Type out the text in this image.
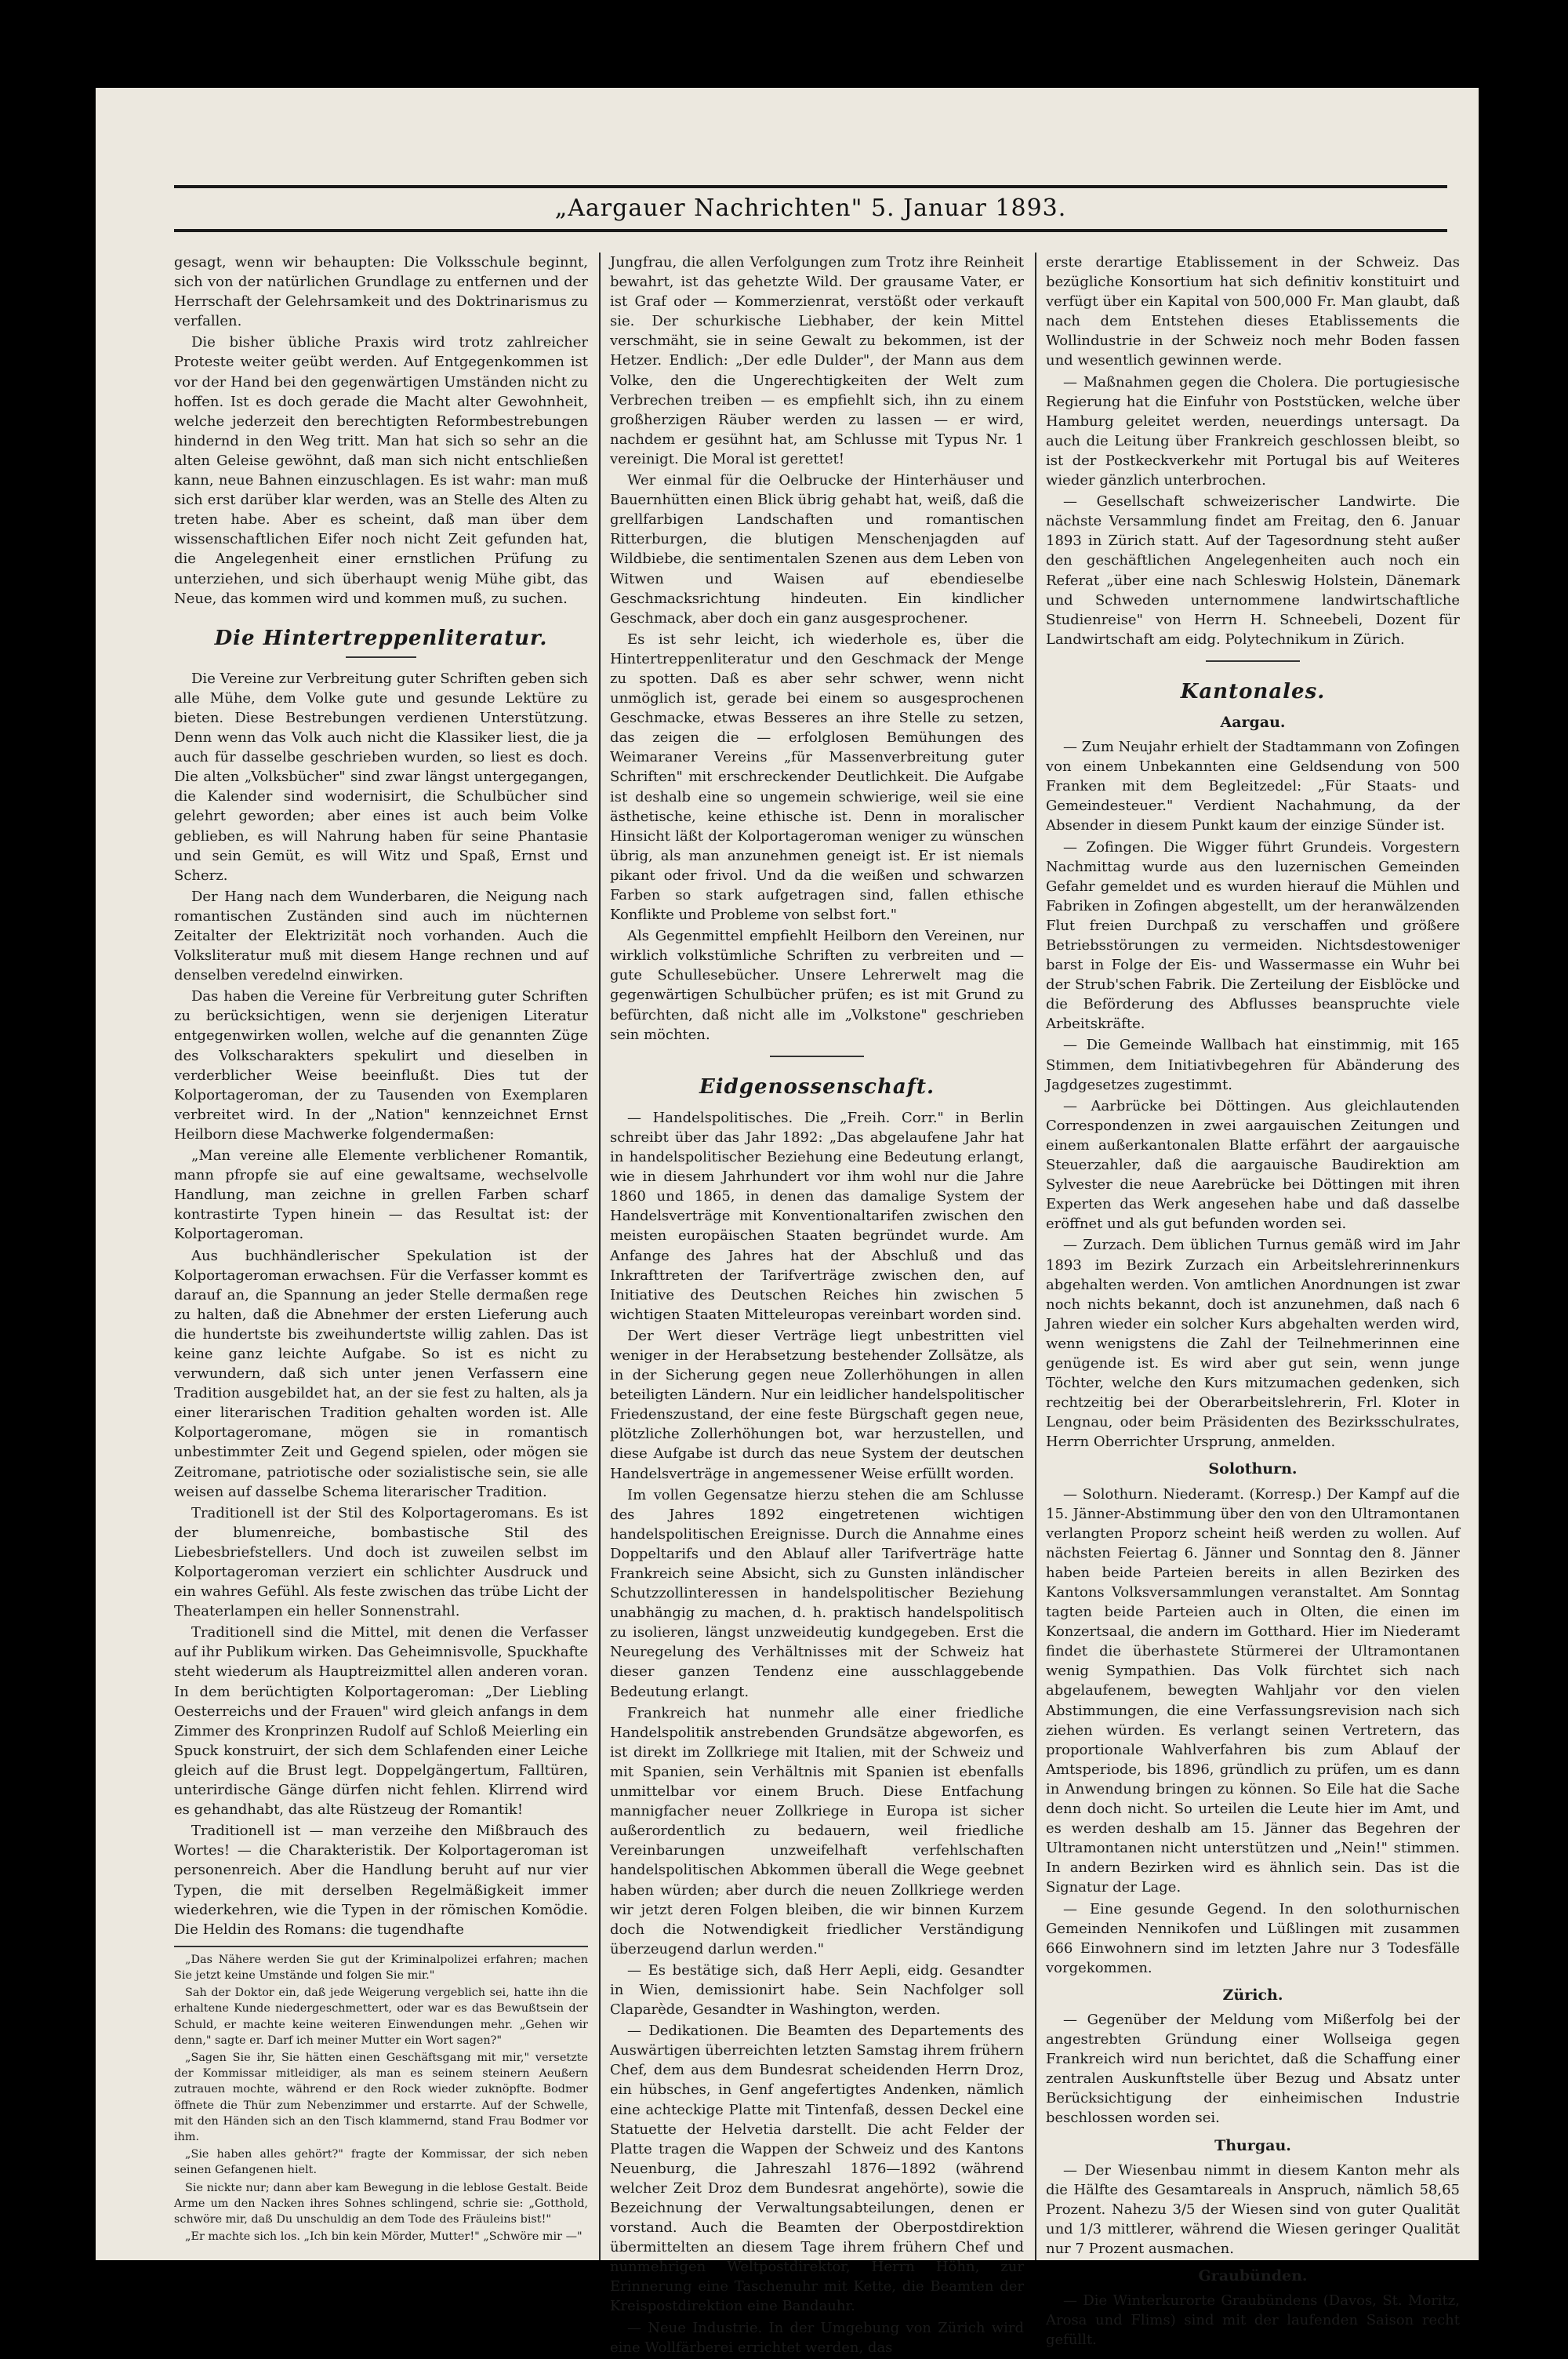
„Aargauer Nachrichten" 5. Januar 1893.

gesagt, wenn wir behaupten: Die Volksschule beginnt, sich von der natürlichen Grundlage zu entfernen und der Herrschaft der Gelehrsamkeit und des Doktrinarismus zu verfallen.

Die bisher übliche Praxis wird trotz zahlreicher Proteste weiter geübt werden. Auf Entgegenkommen ist vor der Hand bei den gegenwärtigen Umständen nicht zu hoffen. Ist es doch gerade die Macht alter Gewohnheit, welche jederzeit den berechtigten Reformbestrebungen hindernd in den Weg tritt. Man hat sich so sehr an die alten Geleise gewöhnt, daß man sich nicht entschließen kann, neue Bahnen einzuschlagen. Es ist wahr: man muß sich erst darüber klar werden, was an Stelle des Alten zu treten habe. Aber es scheint, daß man über dem wissenschaftlichen Eifer noch nicht Zeit gefunden hat, die Angelegenheit einer ernstlichen Prüfung zu unterziehen, und sich überhaupt wenig Mühe gibt, das Neue, das kommen wird und kommen muß, zu suchen.

Die Hintertreppenliteratur.

Die Vereine zur Verbreitung guter Schriften geben sich alle Mühe, dem Volke gute und gesunde Lektüre zu bieten. Diese Bestrebungen verdienen Unterstützung. Denn wenn das Volk auch nicht die Klassiker liest, die ja auch für dasselbe geschrieben wurden, so liest es doch. Die alten „Volksbücher" sind zwar längst untergegangen, die Kalender sind wodernisirt, die Schulbücher sind gelehrt geworden; aber eines ist auch beim Volke geblieben, es will Nahrung haben für seine Phantasie und sein Gemüt, es will Witz und Spaß, Ernst und Scherz.

Der Hang nach dem Wunderbaren, die Neigung nach romantischen Zuständen sind auch im nüchternen Zeitalter der Elektrizität noch vorhanden. Auch die Volksliteratur muß mit diesem Hange rechnen und auf denselben veredelnd einwirken.

Das haben die Vereine für Verbreitung guter Schriften zu berücksichtigen, wenn sie derjenigen Literatur entgegenwirken wollen, welche auf die genannten Züge des Volkscharakters spekulirt und dieselben in verderblicher Weise beeinflußt. Dies tut der Kolportageroman, der zu Tausenden von Exemplaren verbreitet wird. In der „Nation" kennzeichnet Ernst Heilborn diese Machwerke folgendermaßen:

„Man vereine alle Elemente verblichener Romantik, mann pfropfe sie auf eine gewaltsame, wechselvolle Handlung, man zeichne in grellen Farben scharf kontrastirte Typen hinein — das Resultat ist: der Kolportageroman.

Aus buchhändlerischer Spekulation ist der Kolportageroman erwachsen. Für die Verfasser kommt es darauf an, die Spannung an jeder Stelle dermaßen rege zu halten, daß die Abnehmer der ersten Lieferung auch die hundertste bis zweihundertste willig zahlen. Das ist keine ganz leichte Aufgabe. So ist es nicht zu verwundern, daß sich unter jenen Verfassern eine Tradition ausgebildet hat, an der sie fest zu halten, als ja einer literarischen Tradition gehalten worden ist. Alle Kolportageromane, mögen sie in romantisch unbestimmter Zeit und Gegend spielen, oder mögen sie Zeitromane, patriotische oder sozialistische sein, sie alle weisen auf dasselbe Schema literarischer Tradition.

Traditionell ist der Stil des Kolportageromans. Es ist der blumenreiche, bombastische Stil des Liebesbriefstellers. Und doch ist zuweilen selbst im Kolportageroman verziert ein schlichter Ausdruck und ein wahres Gefühl. Als feste zwischen das trübe Licht der Theaterlampen ein heller Sonnenstrahl.

Traditionell sind die Mittel, mit denen die Verfasser auf ihr Publikum wirken. Das Geheimnisvolle, Spuckhafte steht wiederum als Hauptreizmittel allen anderen voran. In dem berüchtigten Kolportageroman: „Der Liebling Oesterreichs und der Frauen" wird gleich anfangs in dem Zimmer des Kronprinzen Rudolf auf Schloß Meierling ein Spuck konstruirt, der sich dem Schlafenden einer Leiche gleich auf die Brust legt. Doppelgängertum, Falltüren, unterirdische Gänge dürfen nicht fehlen. Klirrend wird es gehandhabt, das alte Rüstzeug der Romantik!

Traditionell ist — man verzeihe den Mißbrauch des Wortes! — die Charakteristik. Der Kolportageroman ist personenreich. Aber die Handlung beruht auf nur vier Typen, die mit derselben Regelmäßigkeit immer wiederkehren, wie die Typen in der römischen Komödie. Die Heldin des Romans: die tugendhafte

„Das Nähere werden Sie gut der Kriminalpolizei erfahren; machen Sie jetzt keine Umstände und folgen Sie mir."

Sah der Doktor ein, daß jede Weigerung vergeblich sei, hatte ihn die erhaltene Kunde niedergeschmettert, oder war es das Bewußtsein der Schuld, er machte keine weiteren Einwendungen mehr. „Gehen wir denn," sagte er. Darf ich meiner Mutter ein Wort sagen?"

„Sagen Sie ihr, Sie hätten einen Geschäftsgang mit mir," versetzte der Kommissar mitleidiger, als man es seinem steinern Aeußern zutrauen mochte, während er den Rock wieder zuknöpfte. Bodmer öffnete die Thür zum Nebenzimmer und erstarrte. Auf der Schwelle, mit den Händen sich an den Tisch klammernd, stand Frau Bodmer vor ihm.

„Sie haben alles gehört?" fragte der Kommissar, der sich neben seinen Gefangenen hielt.

Sie nickte nur; dann aber kam Bewegung in die leblose Gestalt. Beide Arme um den Nacken ihres Sohnes schlingend, schrie sie: „Gotthold, schwöre mir, daß Du unschuldig an dem Tode des Fräuleins bist!"

„Er machte sich los. „Ich bin kein Mörder, Mutter!" „Schwöre mir —"

Jungfrau, die allen Verfolgungen zum Trotz ihre Reinheit bewahrt, ist das gehetzte Wild. Der grausame Vater, er ist Graf oder — Kommerzienrat, verstößt oder verkauft sie. Der schurkische Liebhaber, der kein Mittel verschmäht, sie in seine Gewalt zu bekommen, ist der Hetzer. Endlich: „Der edle Dulder", der Mann aus dem Volke, den die Ungerechtigkeiten der Welt zum Verbrechen treiben — es empfiehlt sich, ihn zu einem großherzigen Räuber werden zu lassen — er wird, nachdem er gesühnt hat, am Schlusse mit Typus Nr. 1 vereinigt. Die Moral ist gerettet!

Wer einmal für die Oelbrucke der Hinterhäuser und Bauernhütten einen Blick übrig gehabt hat, weiß, daß die grellfarbigen Landschaften und romantischen Ritterburgen, die blutigen Menschenjagden auf Wildbiebe, die sentimentalen Szenen aus dem Leben von Witwen und Waisen auf ebendieselbe Geschmacksrichtung hindeuten. Ein kindlicher Geschmack, aber doch ein ganz ausgesprochener.

Es ist sehr leicht, ich wiederhole es, über die Hintertreppenliteratur und den Geschmack der Menge zu spotten. Daß es aber sehr schwer, wenn nicht unmöglich ist, gerade bei einem so ausgesprochenen Geschmacke, etwas Besseres an ihre Stelle zu setzen, das zeigen die — erfolglosen Bemühungen des Weimaraner Vereins „für Massenverbreitung guter Schriften" mit erschreckender Deutlichkeit. Die Aufgabe ist deshalb eine so ungemein schwierige, weil sie eine ästhetische, keine ethische ist. Denn in moralischer Hinsicht läßt der Kolportageroman weniger zu wünschen übrig, als man anzunehmen geneigt ist. Er ist niemals pikant oder frivol. Und da die weißen und schwarzen Farben so stark aufgetragen sind, fallen ethische Konflikte und Probleme von selbst fort."

Als Gegenmittel empfiehlt Heilborn den Vereinen, nur wirklich volkstümliche Schriften zu verbreiten und — gute Schullesebücher. Unsere Lehrerwelt mag die gegenwärtigen Schulbücher prüfen; es ist mit Grund zu befürchten, daß nicht alle im „Volkstone" geschrieben sein möchten.

Eidgenossenschaft.

— Handelspolitisches. Die „Freih. Corr." in Berlin schreibt über das Jahr 1892: „Das abgelaufene Jahr hat in handelspolitischer Beziehung eine Bedeutung erlangt, wie in diesem Jahrhundert vor ihm wohl nur die Jahre 1860 und 1865, in denen das damalige System der Handelsverträge mit Konventionaltarifen zwischen den meisten europäischen Staaten begründet wurde. Am Anfange des Jahres hat der Abschluß und das Inkrafttreten der Tarifverträge zwischen den, auf Initiative des Deutschen Reiches hin zwischen 5 wichtigen Staaten Mitteleuropas vereinbart worden sind.

Der Wert dieser Verträge liegt unbestritten viel weniger in der Herabsetzung bestehender Zollsätze, als in der Sicherung gegen neue Zollerhöhungen in allen beteiligten Ländern. Nur ein leidlicher handelspolitischer Friedenszustand, der eine feste Bürgschaft gegen neue, plötzliche Zollerhöhungen bot, war herzustellen, und diese Aufgabe ist durch das neue System der deutschen Handelsverträge in angemessener Weise erfüllt worden.

Im vollen Gegensatze hierzu stehen die am Schlusse des Jahres 1892 eingetretenen wichtigen handelspolitischen Ereignisse. Durch die Annahme eines Doppeltarifs und den Ablauf aller Tarifverträge hatte Frankreich seine Absicht, sich zu Gunsten inländischer Schutzzollinteressen in handelspolitischer Beziehung unabhängig zu machen, d. h. praktisch handelspolitisch zu isolieren, längst unzweideutig kundgegeben. Erst die Neuregelung des Verhältnisses mit der Schweiz hat dieser ganzen Tendenz eine ausschlaggebende Bedeutung erlangt.

Frankreich hat nunmehr alle einer friedliche Handelspolitik anstrebenden Grundsätze abgeworfen, es ist direkt im Zollkriege mit Italien, mit der Schweiz und mit Spanien, sein Verhältnis mit Spanien ist ebenfalls unmittelbar vor einem Bruch. Diese Entfachung mannigfacher neuer Zollkriege in Europa ist sicher außerordentlich zu bedauern, weil friedliche Vereinbarungen unzweifelhaft verfehlschaften handelspolitischen Abkommen überall die Wege geebnet haben würden; aber durch die neuen Zollkriege werden wir jetzt deren Folgen bleiben, die wir binnen Kurzem doch die Notwendigkeit friedlicher Verständigung überzeugend darlun werden."

— Es bestätige sich, daß Herr Aepli, eidg. Gesandter in Wien, demissionirt habe. Sein Nachfolger soll Claparède, Gesandter in Washington, werden.

— Dedikationen. Die Beamten des Departements des Auswärtigen überreichten letzten Samstag ihrem frühern Chef, dem aus dem Bundesrat scheidenden Herrn Droz, ein hübsches, in Genf angefertigtes Andenken, nämlich eine achteckige Platte mit Tintenfaß, dessen Deckel eine Statuette der Helvetia darstellt. Die acht Felder der Platte tragen die Wappen der Schweiz und des Kantons Neuenburg, die Jahreszahl 1876—1892 (während welcher Zeit Droz dem Bundesrat angehörte), sowie die Bezeichnung der Verwaltungsabteilungen, denen er vorstand. Auch die Beamten der Oberpostdirektion übermittelten an diesem Tage ihrem frühern Chef und nunmehrigen Weltpostdirektor, Herrn Höhn, zur Erinnerung eine Taschenuhr mit Kette, die Beamten der Kreispostdirektion eine Bandauhr.

— Neue Industrie. In der Umgebung von Zürich wird eine Wollfärberei errichtet werden, das

erste derartige Etablissement in der Schweiz. Das bezügliche Konsortium hat sich definitiv konstituirt und verfügt über ein Kapital von 500,000 Fr. Man glaubt, daß nach dem Entstehen dieses Etablissements die Wollindustrie in der Schweiz noch mehr Boden fassen und wesentlich gewinnen werde.

— Maßnahmen gegen die Cholera. Die portugiesische Regierung hat die Einfuhr von Poststücken, welche über Hamburg geleitet werden, neuerdings untersagt. Da auch die Leitung über Frankreich geschlossen bleibt, so ist der Postkeckverkehr mit Portugal bis auf Weiteres wieder gänzlich unterbrochen.

— Gesellschaft schweizerischer Landwirte. Die nächste Versammlung findet am Freitag, den 6. Januar 1893 in Zürich statt. Auf der Tagesordnung steht außer den geschäftlichen Angelegenheiten auch noch ein Referat „über eine nach Schleswig Holstein, Dänemark und Schweden unternommene landwirtschaftliche Studienreise" von Herrn H. Schneebeli, Dozent für Landwirtschaft am eidg. Polytechnikum in Zürich.

Kantonales.
Aargau.

— Zum Neujahr erhielt der Stadtammann von Zofingen von einem Unbekannten eine Geldsendung von 500 Franken mit dem Begleitzedel: „Für Staats- und Gemeindesteuer." Verdient Nachahmung, da der Absender in diesem Punkt kaum der einzige Sünder ist.

— Zofingen. Die Wigger führt Grundeis. Vorgestern Nachmittag wurde aus den luzernischen Gemeinden Gefahr gemeldet und es wurden hierauf die Mühlen und Fabriken in Zofingen abgestellt, um der heranwälzenden Flut freien Durchpaß zu verschaffen und größere Betriebsstörungen zu vermeiden. Nichtsdestoweniger barst in Folge der Eis- und Wassermasse ein Wuhr bei der Strub'schen Fabrik. Die Zerteilung der Eisblöcke und die Beförderung des Abflusses beanspruchte viele Arbeitskräfte.

— Die Gemeinde Wallbach hat einstimmig, mit 165 Stimmen, dem Initiativbegehren für Abänderung des Jagdgesetzes zugestimmt.

— Aarbrücke bei Döttingen. Aus gleichlautenden Correspondenzen in zwei aargauischen Zeitungen und einem außerkantonalen Blatte erfährt der aargauische Steuerzahler, daß die aargauische Baudirektion am Sylvester die neue Aarebrücke bei Döttingen mit ihren Experten das Werk angesehen habe und daß dasselbe eröffnet und als gut befunden worden sei.

— Zurzach. Dem üblichen Turnus gemäß wird im Jahr 1893 im Bezirk Zurzach ein Arbeitslehrerinnenkurs abgehalten werden. Von amtlichen Anordnungen ist zwar noch nichts bekannt, doch ist anzunehmen, daß nach 6 Jahren wieder ein solcher Kurs abgehalten werden wird, wenn wenigstens die Zahl der Teilnehmerinnen eine genügende ist. Es wird aber gut sein, wenn junge Töchter, welche den Kurs mitzumachen gedenken, sich rechtzeitig bei der Oberarbeitslehrerin, Frl. Kloter in Lengnau, oder beim Präsidenten des Bezirksschulrates, Herrn Oberrichter Ursprung, anmelden.

Solothurn.

— Solothurn. Niederamt. (Korresp.) Der Kampf auf die 15. Jänner-Abstimmung über den von den Ultramontanen verlangten Proporz scheint heiß werden zu wollen. Auf nächsten Feiertag 6. Jänner und Sonntag den 8. Jänner haben beide Parteien bereits in allen Bezirken des Kantons Volksversammlungen veranstaltet. Am Sonntag tagten beide Parteien auch in Olten, die einen im Konzertsaal, die andern im Gotthard. Hier im Niederamt findet die überhastete Stürmerei der Ultramontanen wenig Sympathien. Das Volk fürchtet sich nach abgelaufenem, bewegten Wahljahr vor den vielen Abstimmungen, die eine Verfassungsrevision nach sich ziehen würden. Es verlangt seinen Vertretern, das proportionale Wahlverfahren bis zum Ablauf der Amtsperiode, bis 1896, gründlich zu prüfen, um es dann in Anwendung bringen zu können. So Eile hat die Sache denn doch nicht. So urteilen die Leute hier im Amt, und es werden deshalb am 15. Jänner das Begehren der Ultramontanen nicht unterstützen und „Nein!" stimmen. In andern Bezirken wird es ähnlich sein. Das ist die Signatur der Lage.

— Eine gesunde Gegend. In den solothurnischen Gemeinden Nennikofen und Lüßlingen mit zusammen 666 Einwohnern sind im letzten Jahre nur 3 Todesfälle vorgekommen.

Zürich.

— Gegenüber der Meldung vom Mißerfolg bei der angestrebten Gründung einer Wollseiga gegen Frankreich wird nun berichtet, daß die Schaffung einer zentralen Auskunftstelle über Bezug und Absatz unter Berücksichtigung der einheimischen Industrie beschlossen worden sei.

Thurgau.

— Der Wiesenbau nimmt in diesem Kanton mehr als die Hälfte des Gesamtareals in Anspruch, nämlich 58,65 Prozent. Nahezu 3/5 der Wiesen sind von guter Qualität und 1/3 mittlerer, während die Wiesen geringer Qualität nur 7 Prozent ausmachen.

Graubünden.

— Die Winterkurorte Graubündens (Davos, St. Moritz, Arosa und Flims) sind mit der laufenden Saison recht gefüllt.
